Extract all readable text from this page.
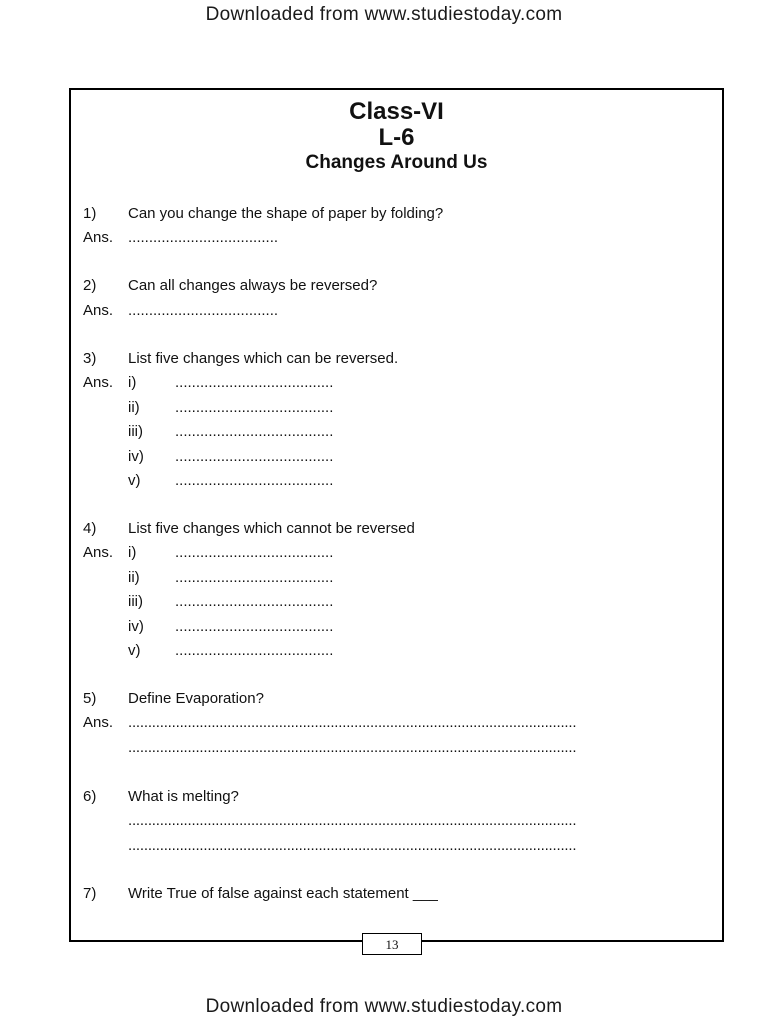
Downloaded from www.studiestoday.com
Class-VI
L-6
Changes Around Us
1) Can you change the shape of paper by folding?
Ans. ....................................
2) Can all changes always be reversed?
Ans. ....................................
3) List five changes which can be reversed.
Ans. i)	......................................
ii) ......................................
iii) ......................................
iv) ......................................
v) ......................................
4) List five changes which cannot be reversed
Ans. i)	......................................
ii) ......................................
iii) ......................................
iv) ......................................
v) ......................................
5) Define Evaporation?
Ans. .................................................................................................................
.................................................................................................................
6) What is melting?
.................................................................................................................
.................................................................................................................
7) Write True of false against each statement ___
13
Downloaded from www.studiestoday.com
